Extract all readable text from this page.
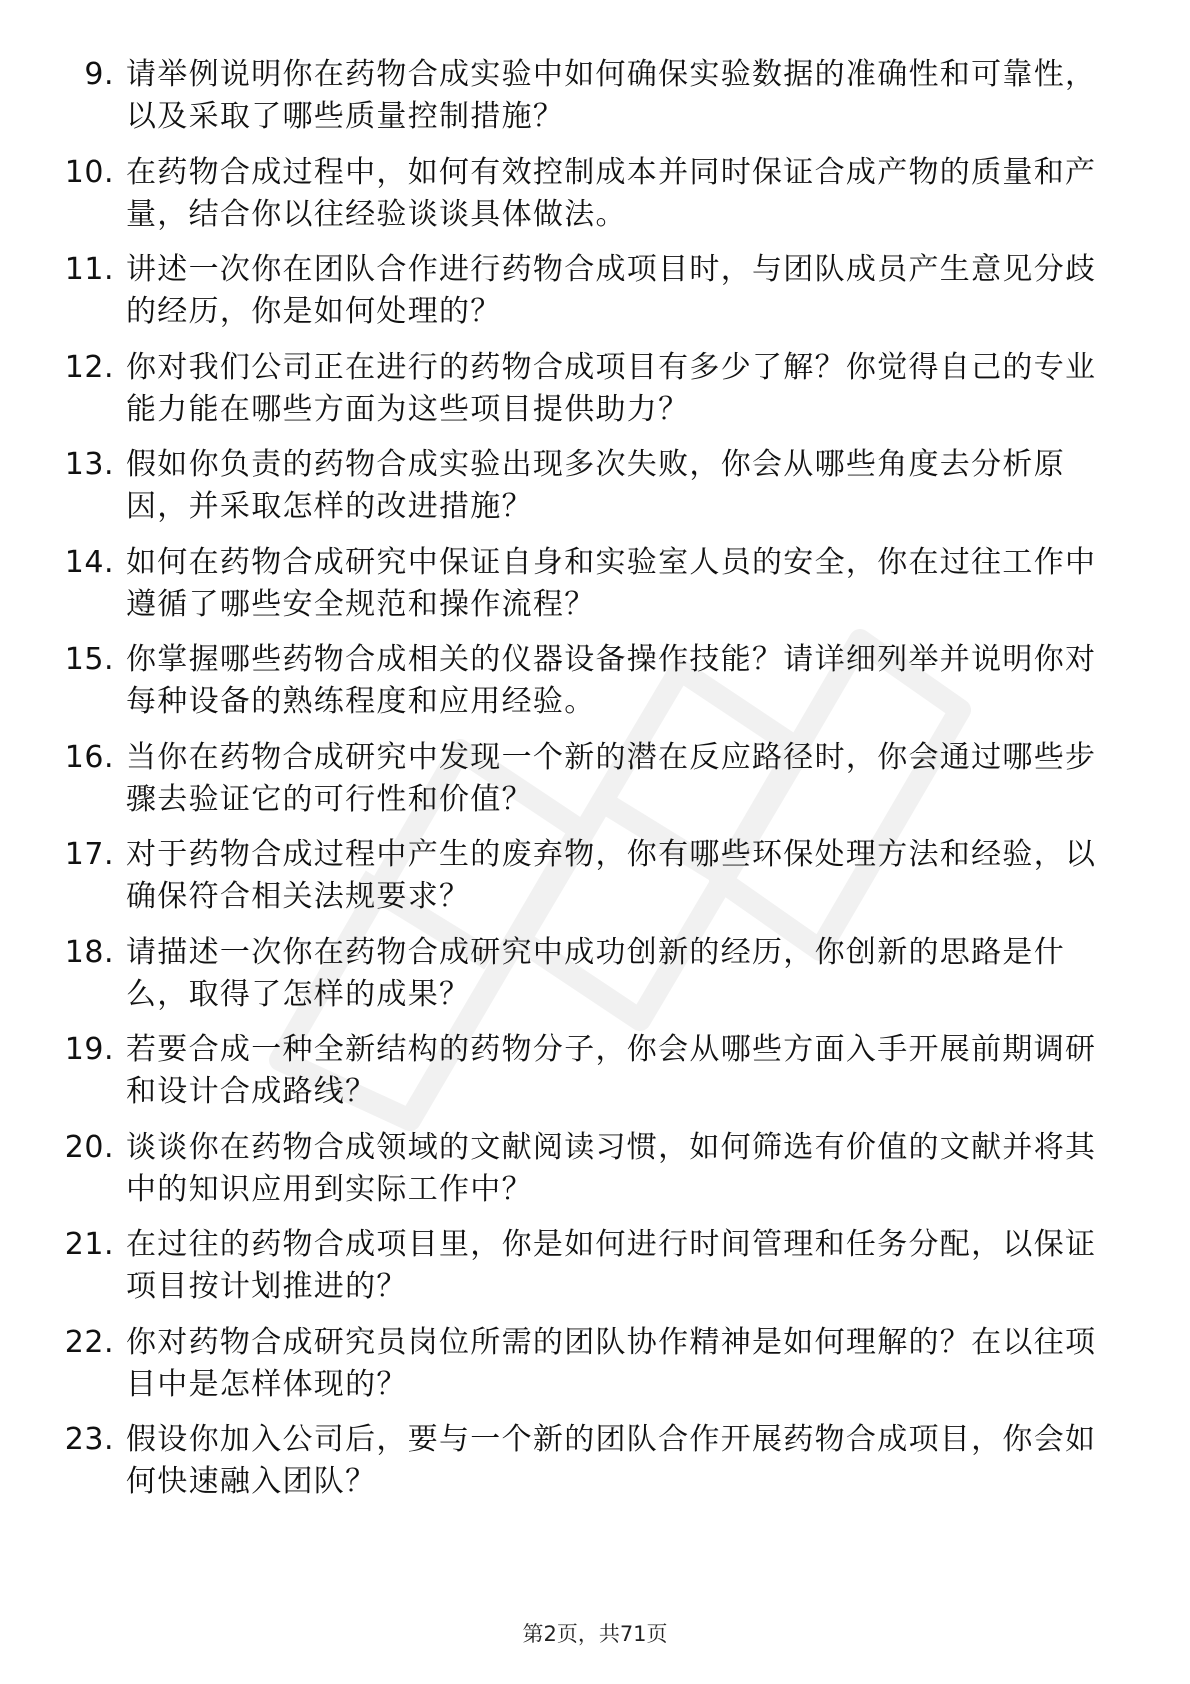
9. 请举例说明你在药物合成实验中如何确保实验数据的准确性和可靠性，以及采取了哪些质量控制措施？
10. 在药物合成过程中，如何有效控制成本并同时保证合成产物的质量和产量，结合你以往经验谈谈具体做法。
11. 讲述一次你在团队合作进行药物合成项目时，与团队成员产生意见分歧的经历，你是如何处理的？
12. 你对我们公司正在进行的药物合成项目有多少了解？你觉得自己的专业能力能在哪些方面为这些项目提供助力？
13. 假如你负责的药物合成实验出现多次失败，你会从哪些角度去分析原因，并采取怎样的改进措施？
14. 如何在药物合成研究中保证自身和实验室人员的安全，你在过往工作中遵循了哪些安全规范和操作流程？
15. 你掌握哪些药物合成相关的仪器设备操作技能？请详细列举并说明你对每种设备的熟练程度和应用经验。
16. 当你在药物合成研究中发现一个新的潜在反应路径时，你会通过哪些步骤去验证它的可行性和价值？
17. 对于药物合成过程中产生的废弃物，你有哪些环保处理方法和经验，以确保符合相关法规要求？
18. 请描述一次你在药物合成研究中成功创新的经历，你创新的思路是什么，取得了怎样的成果？
19. 若要合成一种全新结构的药物分子，你会从哪些方面入手开展前期调研和设计合成路线？
20. 谈谈你在药物合成领域的文献阅读习惯，如何筛选有价值的文献并将其中的知识应用到实际工作中？
21. 在过往的药物合成项目里，你是如何进行时间管理和任务分配，以保证项目按计划推进的？
22. 你对药物合成研究员岗位所需的团队协作精神是如何理解的？在以往项目中是怎样体现的？
23. 假设你加入公司后，要与一个新的团队合作开展药物合成项目，你会如何快速融入团队？
第2页，共71页
